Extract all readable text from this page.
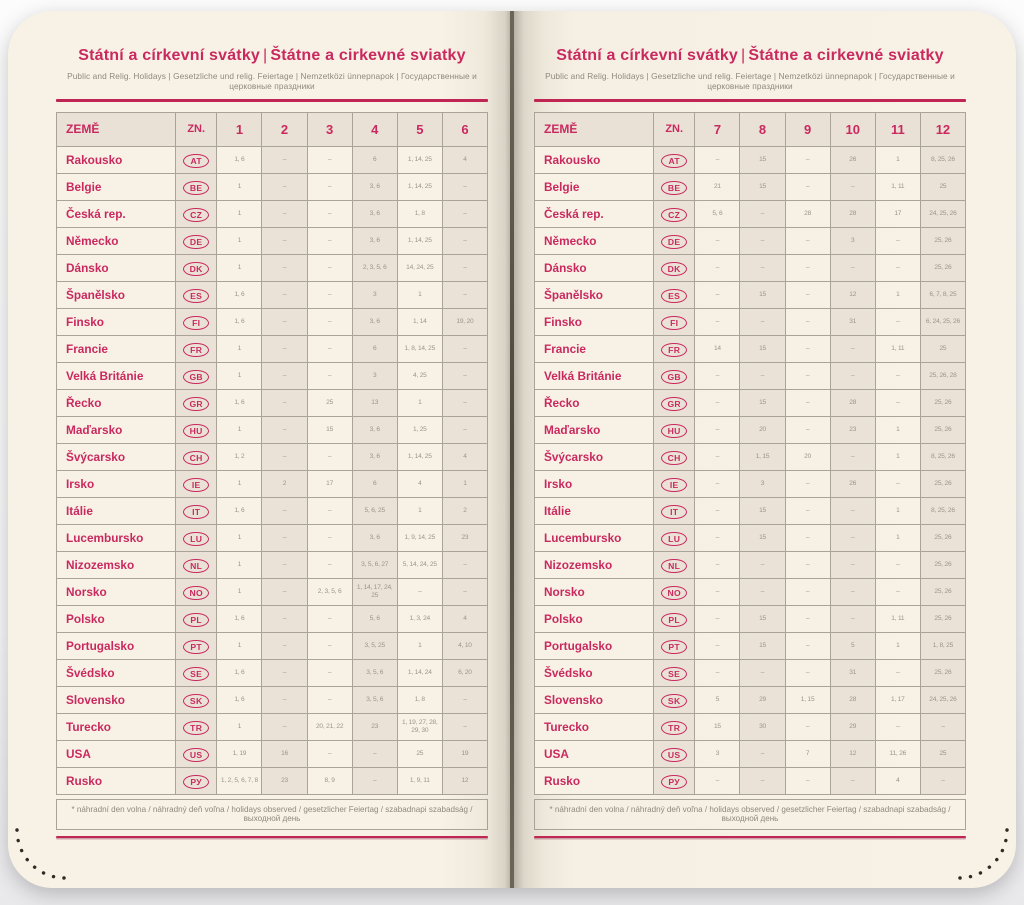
Státní a církevní svátky | Štátne a cirkevné sviatky

Public and Relig. Holidays | Gesetzliche und relig. Feiertage | Nemzetközi ünnepnapok | Государственные и церковные праздники

ZEMĚ	ZN.	1	2	3	4	5	6
Rakousko	AT	1, 6	–	–	6	1, 14, 25	4
Belgie	BE	1	–	–	3, 6	1, 14, 25	–
Česká rep.	CZ	1	–	–	3, 6	1, 8	–
Německo	DE	1	–	–	3, 6	1, 14, 25	–
Dánsko	DK	1	–	–	2, 3, 5, 6	14, 24, 25	–
Španělsko	ES	1, 6	–	–	3	1	–
Finsko	FI	1, 6	–	–	3, 6	1, 14	19, 20
Francie	FR	1	–	–	6	1, 8, 14, 25	–
Velká Británie	GB	1	–	–	3	4, 25	–
Řecko	GR	1, 6	–	25	13	1	–
Maďarsko	HU	1	–	15	3, 6	1, 25	–
Švýcarsko	CH	1, 2	–	–	3, 6	1, 14, 25	4
Irsko	IE	1	2	17	6	4	1
Itálie	IT	1, 6	–	–	5, 6, 25	1	2
Lucembursko	LU	1	–	–	3, 6	1, 9, 14, 25	23
Nizozemsko	NL	1	–	–	3, 5, 6, 27	5, 14, 24, 25	–
Norsko	NO	1	–	2, 3, 5, 6	1, 14, 17, 24, 25	–	–
Polsko	PL	1, 6	–	–	5, 6	1, 3, 24	4
Portugalsko	PT	1	–	–	3, 5, 25	1	4, 10
Švédsko	SE	1, 6	–	–	3, 5, 6	1, 14, 24	6, 20
Slovensko	SK	1, 6	–	–	3, 5, 6	1, 8	–
Turecko	TR	1	–	20, 21, 22	23	1, 19, 27, 28, 29, 30	–
USA	US	1, 19	16	–	–	25	19
Rusko	РУ	1, 2, 5, 6, 7, 8	23	8, 9	–	1, 9, 11	12
* náhradní den volna / náhradný deň voľna / holidays observed / gesetzlicher Feiertag / szabadnapi szabadság / выходной день
Státní a církevní svátky | Štátne a cirkevné sviatky

Public and Relig. Holidays | Gesetzliche und relig. Feiertage | Nemzetközi ünnepnapok | Государственные и церковные праздники

ZEMĚ	ZN.	7	8	9	10	11	12
Rakousko	AT	–	15	–	26	1	8, 25, 26
Belgie	BE	21	15	–	–	1, 11	25
Česká rep.	CZ	5, 6	–	28	28	17	24, 25, 26
Německo	DE	–	–	–	3	–	25, 26
Dánsko	DK	–	–	–	–	–	25, 26
Španělsko	ES	–	15	–	12	1	6, 7, 8, 25
Finsko	FI	–	–	–	31	–	6, 24, 25, 26
Francie	FR	14	15	–	–	1, 11	25
Velká Británie	GB	–	–	–	–	–	25, 26, 28
Řecko	GR	–	15	–	28	–	25, 26
Maďarsko	HU	–	20	–	23	1	25, 26
Švýcarsko	CH	–	1, 15	20	–	1	8, 25, 26
Irsko	IE	–	3	–	26	–	25, 26
Itálie	IT	–	15	–	–	1	8, 25, 26
Lucembursko	LU	–	15	–	–	1	25, 26
Nizozemsko	NL	–	–	–	–	–	25, 26
Norsko	NO	–	–	–	–	–	25, 26
Polsko	PL	–	15	–	–	1, 11	25, 26
Portugalsko	PT	–	15	–	5	1	1, 8, 25
Švédsko	SE	–	–	–	31	–	25, 26
Slovensko	SK	5	29	1, 15	28	1, 17	24, 25, 26
Turecko	TR	15	30	–	29	–	–
USA	US	3	–	7	12	11, 26	25
Rusko	РУ	–	–	–	–	4	–
* náhradní den volna / náhradný deň voľna / holidays observed / gesetzlicher Feiertag / szabadnapi szabadság / выходной день
